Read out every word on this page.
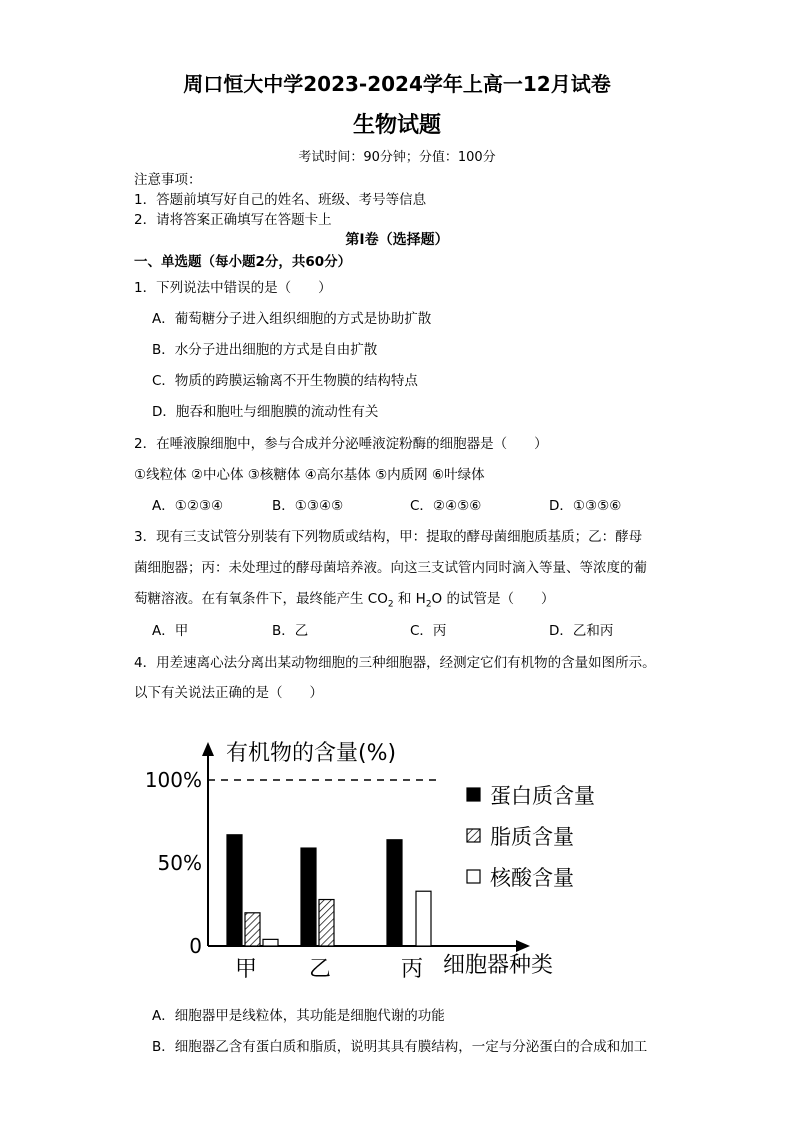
周口恒大中学2023-2024学年上高一12月试卷
生物试题
考试时间：90分钟；分值：100分
注意事项：
1．答题前填写好自己的姓名、班级、考号等信息
2．请将答案正确填写在答题卡上
第I卷（选择题）
一、单选题（每小题2分，共60分）
1．下列说法中错误的是（　　）
A．葡萄糖分子进入组织细胞的方式是协助扩散
B．水分子进出细胞的方式是自由扩散
C．物质的跨膜运输离不开生物膜的结构特点
D．胞吞和胞吐与细胞膜的流动性有关
2．在唾液腺细胞中，参与合成并分泌唾液淀粉酶的细胞器是（　　）
①线粒体 ②中心体 ③核糖体 ④高尔基体 ⑤内质网 ⑥叶绿体
A．①②③④	B．①③④⑤	C．②④⑤⑥	D．①③⑤⑥
3．现有三支试管分别装有下列物质或结构，甲：提取的酵母菌细胞质基质；乙：酵母
菌细胞器；丙：未处理过的酵母菌培养液。向这三支试管内同时滴入等量、等浓度的葡
萄糖溶液。在有氧条件下，最终能产生 $CO_2$ 和 $H_2O$ 的试管是（　　）
A．甲	B．乙	C．丙	D．乙和丙
4．用差速离心法分离出某动物细胞的三种细胞器，经测定它们有机物的含量如图所示。
以下有关说法正确的是（　　）
有机物的含量(%)
细胞器种类
0
50%
100%
甲 乙	丙
蛋白质含量
脂质含量
核酸含量
A．细胞器甲是线粒体，其功能是细胞代谢的功能
B．细胞器乙含有蛋白质和脂质，说明其具有膜结构，一定与分泌蛋白的合成和加工
